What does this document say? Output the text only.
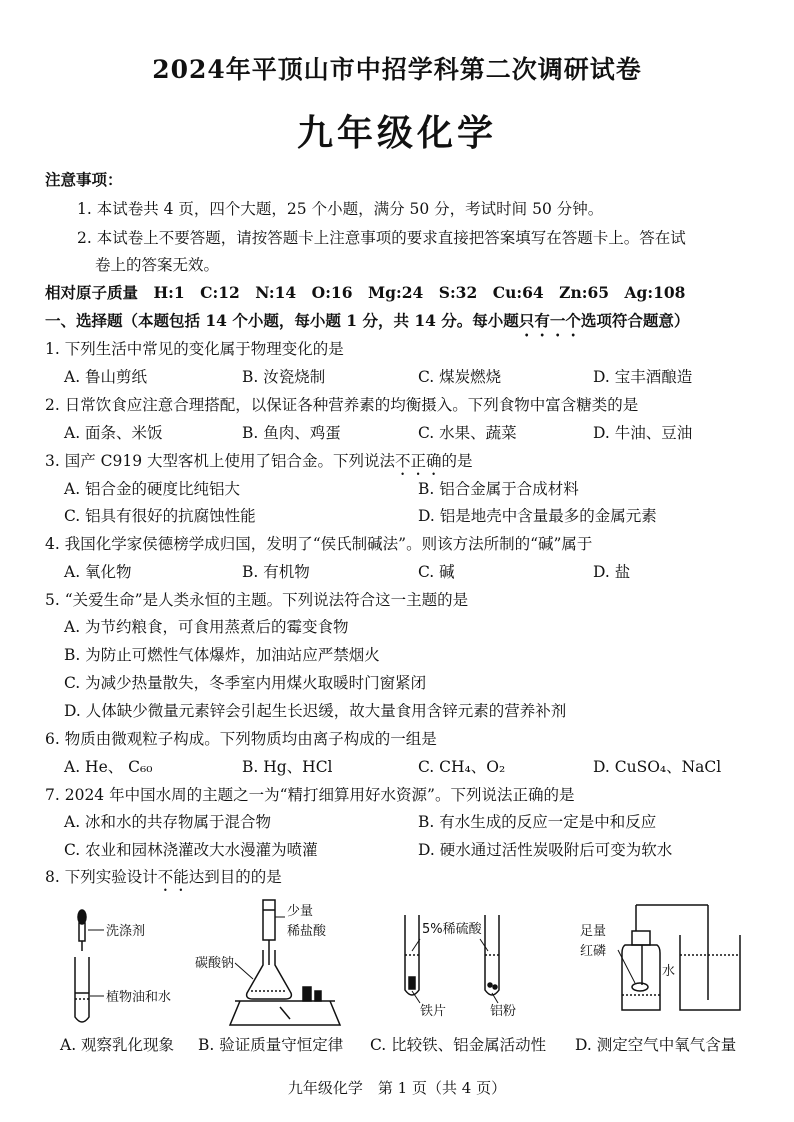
2024年平顶山市中招学科第二次调研试卷
九年级化学
注意事项：
1. 本试卷共 4 页，四个大题，25 个小题，满分 50 分，考试时间 50 分钟。
2. 本试卷上不要答题，请按答题卡上注意事项的要求直接把答案填写在答题卡上。答在试
卷上的答案无效。
相对原子质量　H:1　C:12　N:14　O:16　Mg:24　S:32　Cu:64　Zn:65　Ag:108
一、选择题（本题包括 14 个小题，每小题 1 分，共 14 分。每小题只有一个选项符合题意）
1. 下列生活中常见的变化属于物理变化的是
A. 鲁山剪纸	B. 汝瓷烧制	C. 煤炭燃烧	D. 宝丰酒酿造
2. 日常饮食应注意合理搭配，以保证各种营养素的均衡摄入。下列食物中富含糖类的是
A. 面条、米饭	B. 鱼肉、鸡蛋	C. 水果、蔬菜	D. 牛油、豆油
3. 国产 C919 大型客机上使用了铝合金。下列说法不正确的是
A. 铝合金的硬度比纯铝大	B. 铝合金属于合成材料
C. 铝具有很好的抗腐蚀性能	D. 铝是地壳中含量最多的金属元素
4. 我国化学家侯德榜学成归国，发明了“侯氏制碱法”。则该方法所制的“碱”属于
A. 氧化物	B. 有机物	C. 碱	D. 盐
5. “关爱生命”是人类永恒的主题。下列说法符合这一主题的是
A. 为节约粮食，可食用蒸煮后的霉变食物
B. 为防止可燃性气体爆炸，加油站应严禁烟火
C. 为减少热量散失，冬季室内用煤火取暖时门窗紧闭
D. 人体缺少微量元素锌会引起生长迟缓，故大量食用含锌元素的营养补剂
6. 物质由微观粒子构成。下列物质均由离子构成的一组是
A. He、 C₆₀	B. Hg、HCl	C. CH₄、O₂	D. CuSO₄、NaCl
7. 2024 年中国水周的主题之一为“精打细算用好水资源”。下列说法正确的是
A. 冰和水的共存物属于混合物	B. 有水生成的反应一定是中和反应
C. 农业和园林浇灌改大水漫灌为喷灌	D. 硬水通过活性炭吸附后可变为软水
8. 下列实验设计不能达到目的的是
洗涤剂
植物油和水
少量
稀盐酸
碳酸钠
5%稀硫酸
铁片	铝粉
足量
红磷
水
A. 观察乳化现象 B. 验证质量守恒定律 C. 比较铁、铝金属活动性 D. 测定空气中氧气含量
九年级化学　第 1 页（共 4 页）
